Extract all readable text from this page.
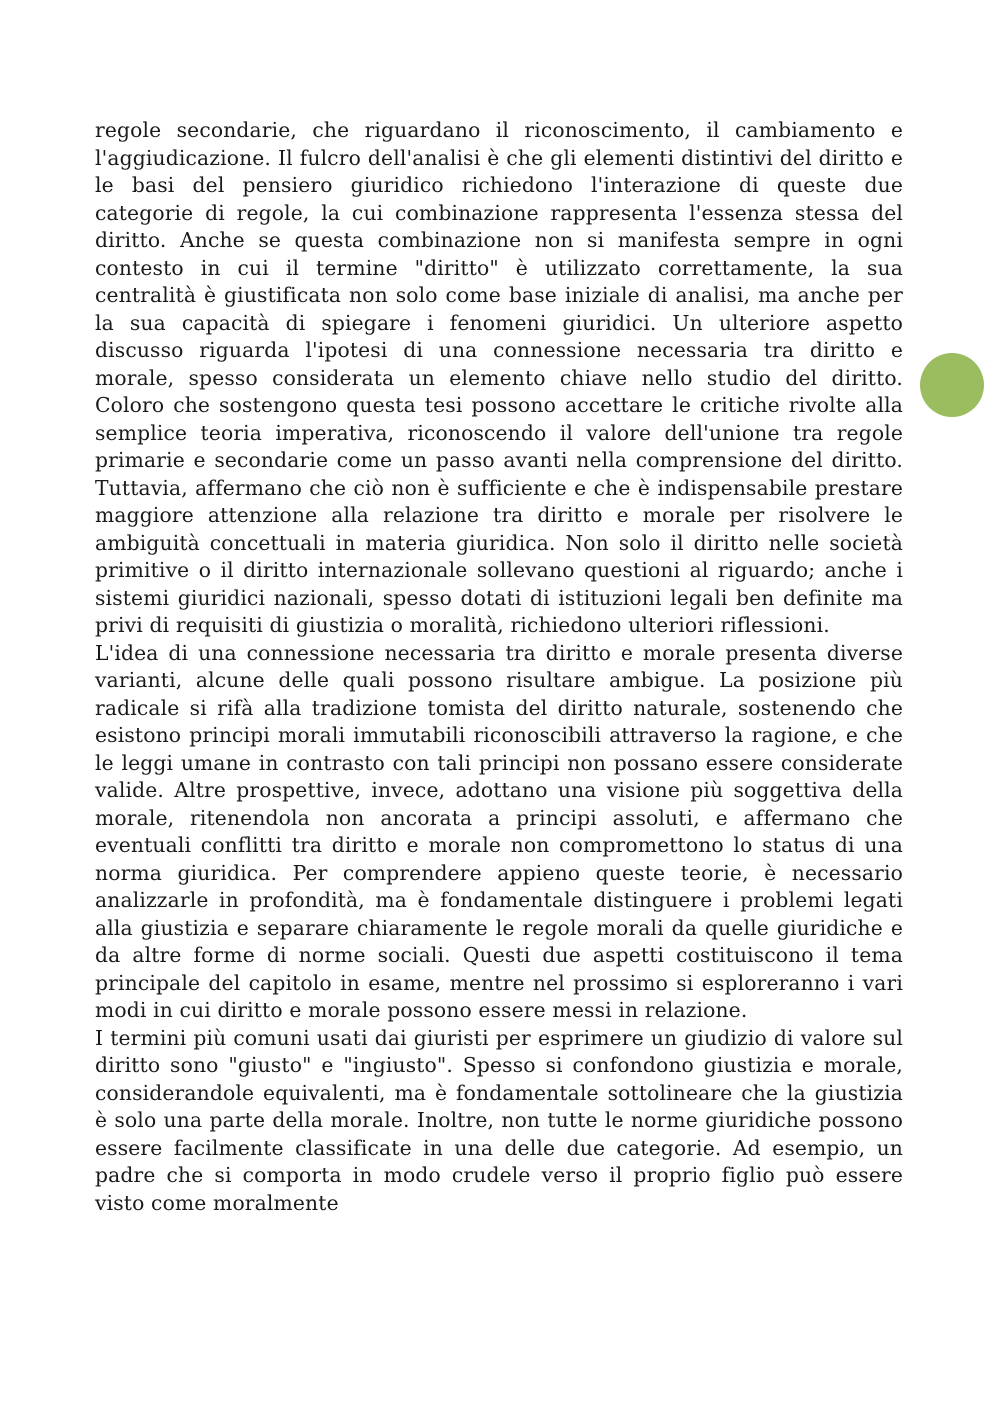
regole secondarie, che riguardano il riconoscimento, il cambiamento e l'aggiudicazione. Il fulcro dell'analisi è che gli elementi distintivi del diritto e le basi del pensiero giuridico richiedono l'interazione di queste due categorie di regole, la cui combinazione rappresenta l'essenza stessa del diritto. Anche se questa combinazione non si manifesta sempre in ogni contesto in cui il termine "diritto" è utilizzato correttamente, la sua centralità è giustificata non solo come base iniziale di analisi, ma anche per la sua capacità di spiegare i fenomeni giuridici. Un ulteriore aspetto discusso riguarda l'ipotesi di una connessione necessaria tra diritto e morale, spesso considerata un elemento chiave nello studio del diritto. Coloro che sostengono questa tesi possono accettare le critiche rivolte alla semplice teoria imperativa, riconoscendo il valore dell'unione tra regole primarie e secondarie come un passo avanti nella comprensione del diritto. Tuttavia, affermano che ciò non è sufficiente e che è indispensabile prestare maggiore attenzione alla relazione tra diritto e morale per risolvere le ambiguità concettuali in materia giuridica. Non solo il diritto nelle società primitive o il diritto internazionale sollevano questioni al riguardo; anche i sistemi giuridici nazionali, spesso dotati di istituzioni legali ben definite ma privi di requisiti di giustizia o moralità, richiedono ulteriori riflessioni.

L'idea di una connessione necessaria tra diritto e morale presenta diverse varianti, alcune delle quali possono risultare ambigue. La posizione più radicale si rifà alla tradizione tomista del diritto naturale, sostenendo che esistono principi morali immutabili riconoscibili attraverso la ragione, e che le leggi umane in contrasto con tali principi non possano essere considerate valide. Altre prospettive, invece, adottano una visione più soggettiva della morale, ritenendola non ancorata a principi assoluti, e affermano che eventuali conflitti tra diritto e morale non compromettono lo status di una norma giuridica. Per comprendere appieno queste teorie, è necessario analizzarle in profondità, ma è fondamentale distinguere i problemi legati alla giustizia e separare chiaramente le regole morali da quelle giuridiche e da altre forme di norme sociali. Questi due aspetti costituiscono il tema principale del capitolo in esame, mentre nel prossimo si esploreranno i vari modi in cui diritto e morale possono essere messi in relazione.

I termini più comuni usati dai giuristi per esprimere un giudizio di valore sul diritto sono "giusto" e "ingiusto". Spesso si confondono giustizia e morale, considerandole equivalenti, ma è fondamentale sottolineare che la giustizia è solo una parte della morale. Inoltre, non tutte le norme giuridiche possono essere facilmente classificate in una delle due categorie. Ad esempio, un padre che si comporta in modo crudele verso il proprio figlio può essere visto come moralmente
